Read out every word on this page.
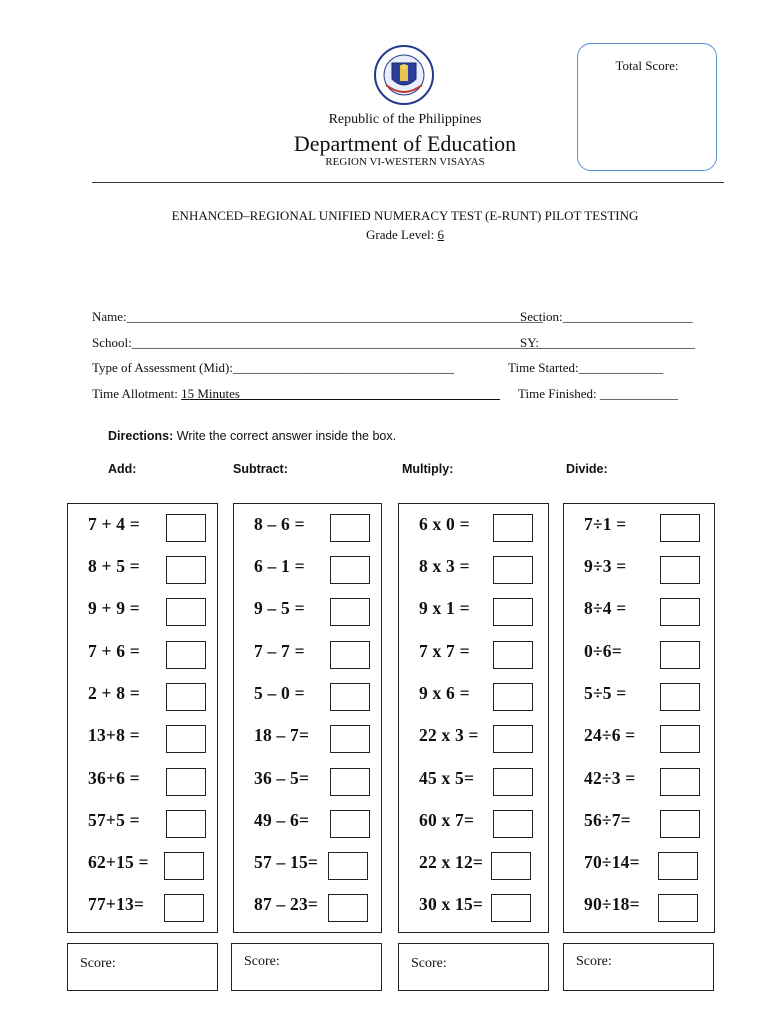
Total Score:
Republic of the Philippines
Department of Education
REGION VI-WESTERN VISAYAS
ENHANCED–REGIONAL UNIFIED NUMERACY TEST (E-RUNT) PILOT TESTING
Grade Level: 6
Name:________________________________________________________________
Section:____________________
School:_______________________________________________________________
SY:________________________
Type of Assessment (Mid):__________________________________	Time Started:_____________
Time Allotment: 15 Minutes________________________________________ Time Finished: ____________
Directions: Write the correct answer inside the box.
Add:	Subtract:	Multiply:	Divide:
7 + 4 =
8 + 5 =
9 + 9 =
7 + 6 =
2 + 8 =
13+8 =
36+6 =
57+5 =
62+15 =
77+13=
8 – 6 =
6 – 1 =
9 – 5 =
7 – 7 =
5 – 0 =
18 – 7=
36 – 5=
49 – 6=
57 – 15=
87 – 23=
6 x 0 =
8 x 3 =
9 x 1 =
7 x 7 =
9 x 6 =
22 x 3 =
45 x 5=
60 x 7=
22 x 12=
30 x 15=
7÷1 =
9÷3 =
8÷4 =
0÷6=
5÷5 =
24÷6 =
42÷3 =
56÷7=
70÷14=
90÷18=
Score:	Score:	Score:	Score:
